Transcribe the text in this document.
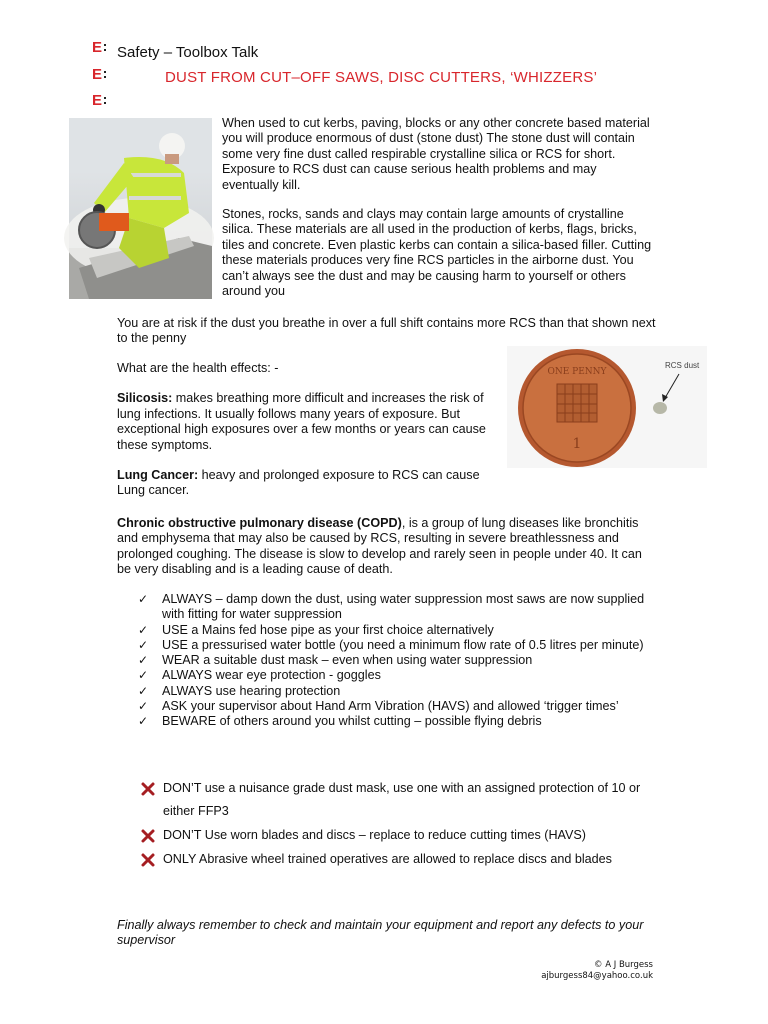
E
E
E
Safety – Toolbox Talk
DUST FROM CUT–OFF SAWS, DISC CUTTERS, ‘WHIZZERS’

When used to cut kerbs, paving, blocks or any other concrete based material you will produce enormous of dust (stone dust) The stone dust will contain some very fine dust called respirable crystalline silica or RCS for short. Exposure to RCS dust can cause serious health problems and may eventually kill.

Stones, rocks, sands and clays may contain large amounts of crystalline silica. These materials are all used in the production of kerbs, flags, bricks, tiles and concrete. Even plastic kerbs can contain a silica-based filler. Cutting these materials produces very fine RCS particles in the airborne dust. You can’t always see the dust and may be causing harm to yourself or others around you

You are at risk if the dust you breathe in over a full shift contains more RCS than that shown next to the penny

What are the health effects: -

Silicosis: makes breathing more difficult and increases the risk of lung infections. It usually follows many years of exposure. But exceptional high exposures over a few months or years can cause these symptoms.

Lung Cancer: heavy and prolonged exposure to RCS can cause Lung cancer.

ONE PENNY
1
RCS dust

Chronic obstructive pulmonary disease (COPD), is a group of lung diseases like bronchitis and emphysema that may also be caused by RCS, resulting in severe breathlessness and prolonged coughing. The disease is slow to develop and rarely seen in people under 40. It can be very disabling and is a leading cause of death.

✓ ALWAYS – damp down the dust, using water suppression most saws are now supplied with fitting for water suppression
✓ USE a Mains fed hose pipe as your first choice alternatively
✓ USE a pressurised water bottle (you need a minimum flow rate of 0.5 litres per minute)
✓ WEAR a suitable dust mask – even when using water suppression
✓ ALWAYS wear eye protection - goggles
✓ ALWAYS use hearing protection
✓ ASK your supervisor about Hand Arm Vibration (HAVS) and allowed ‘trigger times’
✓ BEWARE of others around you whilst cutting – possible flying debris
DON’T use a nuisance grade dust mask, use one with an assigned protection of 10 or either FFP3
DON’T Use worn blades and discs – replace to reduce cutting times (HAVS)
ONLY Abrasive wheel trained operatives are allowed to replace discs and blades

Finally always remember to check and maintain your equipment and report any defects to your supervisor

© A J Burgess
ajburgess84@yahoo.co.uk
